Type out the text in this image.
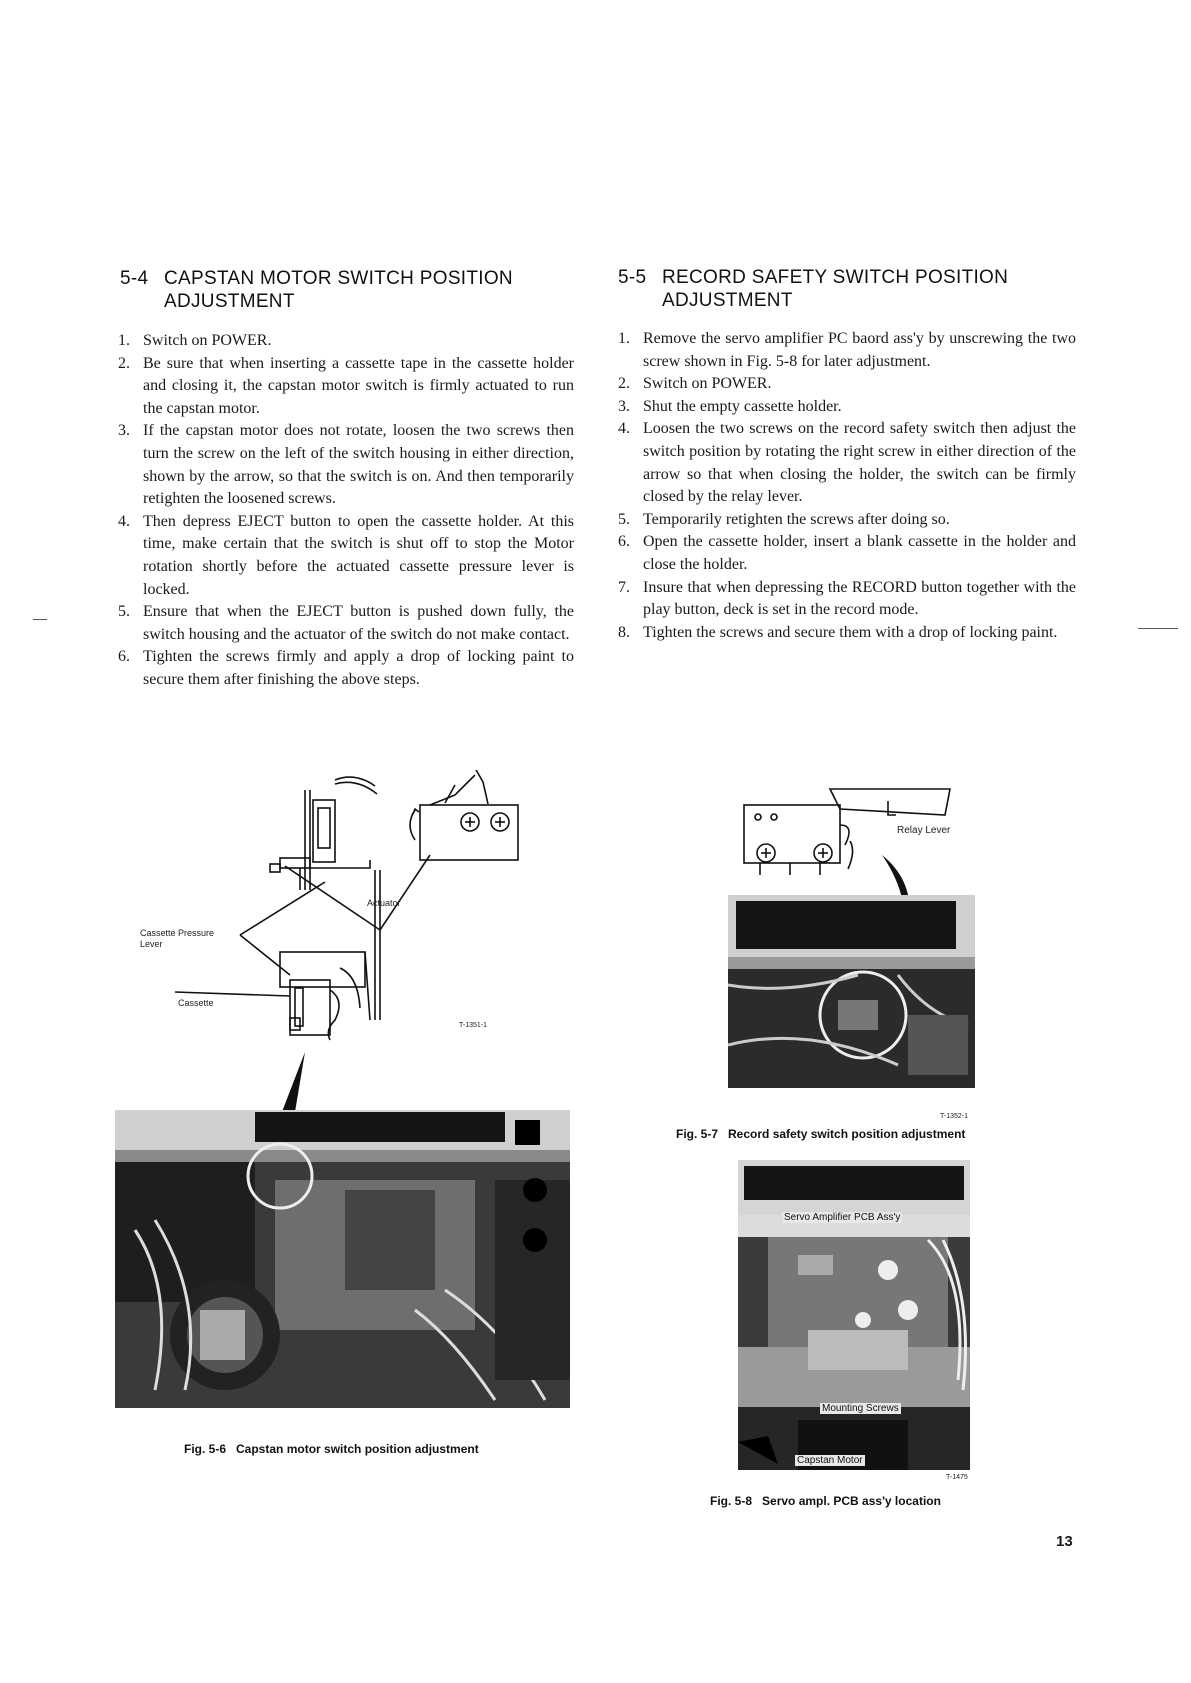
5-4 CAPSTAN MOTOR SWITCH POSITION
ADJUSTMENT
1. Switch on POWER.
2. Be sure that when inserting a cassette tape in the cassette holder and closing it, the capstan motor switch is firmly actuated to run the capstan motor.
3. If the capstan motor does not rotate, loosen the two screws then turn the screw on the left of the switch housing in either direction, shown by the arrow, so that the switch is on. And then temporarily retighten the loosened screws.
4. Then depress EJECT button to open the cassette holder. At this time, make certain that the switch is shut off to stop the Motor rotation shortly before the actuated cassette pressure lever is locked.
5. Ensure that when the EJECT button is pushed down fully, the switch housing and the actuator of the switch do not make contact.
6. Tighten the screws firmly and apply a drop of locking paint to secure them after finishing the above steps.
5-5 RECORD SAFETY SWITCH POSITION
ADJUSTMENT
1. Remove the servo amplifier PC baord ass'y by unscrewing the two screw shown in Fig. 5-8 for later adjustment.
2. Switch on POWER.
3. Shut the empty cassette holder.
4. Loosen the two screws on the record safety switch then adjust the switch position by rotating the right screw in either direction of the arrow so that when closing the holder, the switch can be firmly closed by the relay lever.
5. Temporarily retighten the screws after doing so.
6. Open the cassette holder, insert a blank cassette in the holder and close the holder.
7. Insure that when depressing the RECORD button together with the play button, deck is set in the record mode.
8. Tighten the screws and secure them with a drop of locking paint.
Actuator
Cassette Pressure
Lever
Cassette
T-1351-1
Fig. 5-6 Capstan motor switch position adjustment
Relay Lever
T-1352-1
Fig. 5-7 Record safety switch position adjustment
Servo Amplifier PCB Ass'y
Mounting Screws
Capstan Motor
T-1475
Fig. 5-8 Servo ampl. PCB ass'y location
13
